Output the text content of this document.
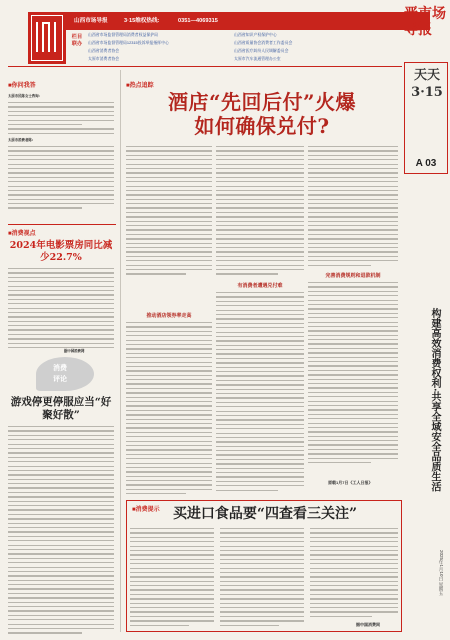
山西市场导报	3·15维权热线:	0351—4069315
栏目联办
山西省市场监督管理局消费者权益保护局
山西省市场监督管理局12315投诉举报指挥中心
山西省消费者协会
太原市消费者协会
山西省知识产权保护中心
山西省质量协会消费者工作委员会
山西省医疗纠纷人民调解委员会
太原市汽车流通管理办公室
晋市场导报
天天3·15
A 03
■ 你问我答
太原市民陈女士咨询:
太原市消费者陈:
■ 消费视点
2024年电影票房同比减少22.7%
据中国消费网
消费
评论
游戏停更停服应当“好聚好散”
■ 热点追踪
酒店“先回后付”火爆
如何确保兑付?
推动酒店领券率走高
有消费者遭遇兑付难
完善消费规则和退款机制
原载1月7日《工人日报》	构建高效消费权利·共享全域安全品质生活
■ 消费提示 买进口食品要“四查看三关注”
据中国消费网
2025年1月10日 星期五
